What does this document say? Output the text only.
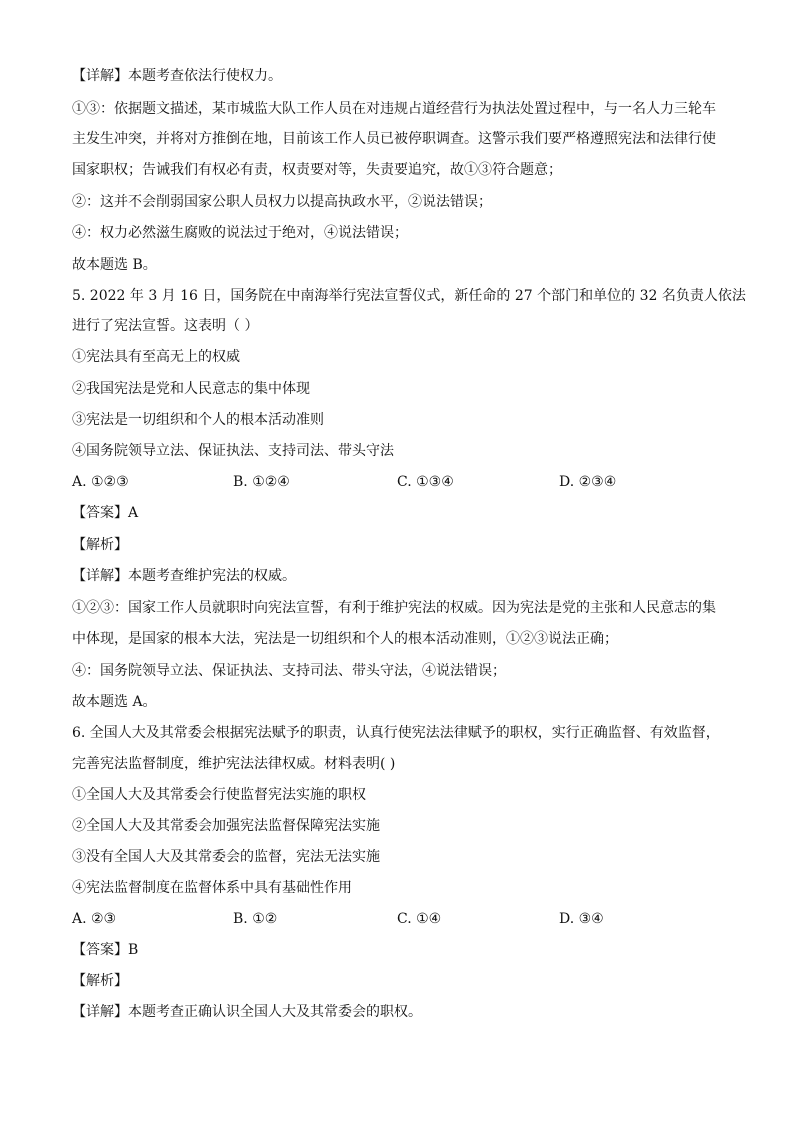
【详解】本题考查依法行使权力。
①③：依据题文描述，某市城监大队工作人员在对违规占道经营行为执法处置过程中，与一名人力三轮车
主发生冲突，并将对方推倒在地，目前该工作人员已被停职调查。这警示我们要严格遵照宪法和法律行使
国家职权；告诫我们有权必有责，权责要对等，失责要追究，故①③符合题意；
②：这并不会削弱国家公职人员权力以提高执政水平，②说法错误；
④：权力必然滋生腐败的说法过于绝对，④说法错误；
故本题选 B。
5. 2022 年 3 月 16 日，国务院在中南海举行宪法宣誓仪式，新任命的 27 个部门和单位的 32 名负责人依法
进行了宪法宣誓。这表明（ ）
①宪法具有至高无上的权威
②我国宪法是党和人民意志的集中体现
③宪法是一切组织和个人的根本活动准则
④国务院领导立法、保证执法、支持司法、带头守法
A. ①②③	B. ①②④	C. ①③④	D. ②③④
【答案】A
【解析】
【详解】本题考查维护宪法的权威。
①②③：国家工作人员就职时向宪法宣誓，有利于维护宪法的权威。因为宪法是党的主张和人民意志的集
中体现，是国家的根本大法，宪法是一切组织和个人的根本活动准则，①②③说法正确；
④：国务院领导立法、保证执法、支持司法、带头守法，④说法错误；
故本题选 A。
6. 全国人大及其常委会根据宪法赋予的职责，认真行使宪法法律赋予的职权，实行正确监督、有效监督，
完善宪法监督制度，维护宪法法律权威。材料表明( )
①全国人大及其常委会行使监督宪法实施的职权
②全国人大及其常委会加强宪法监督保障宪法实施
③没有全国人大及其常委会的监督，宪法无法实施
④宪法监督制度在监督体系中具有基础性作用
A. ②③	B. ①②	C. ①④	D. ③④
【答案】B
【解析】
【详解】本题考查正确认识全国人大及其常委会的职权。
